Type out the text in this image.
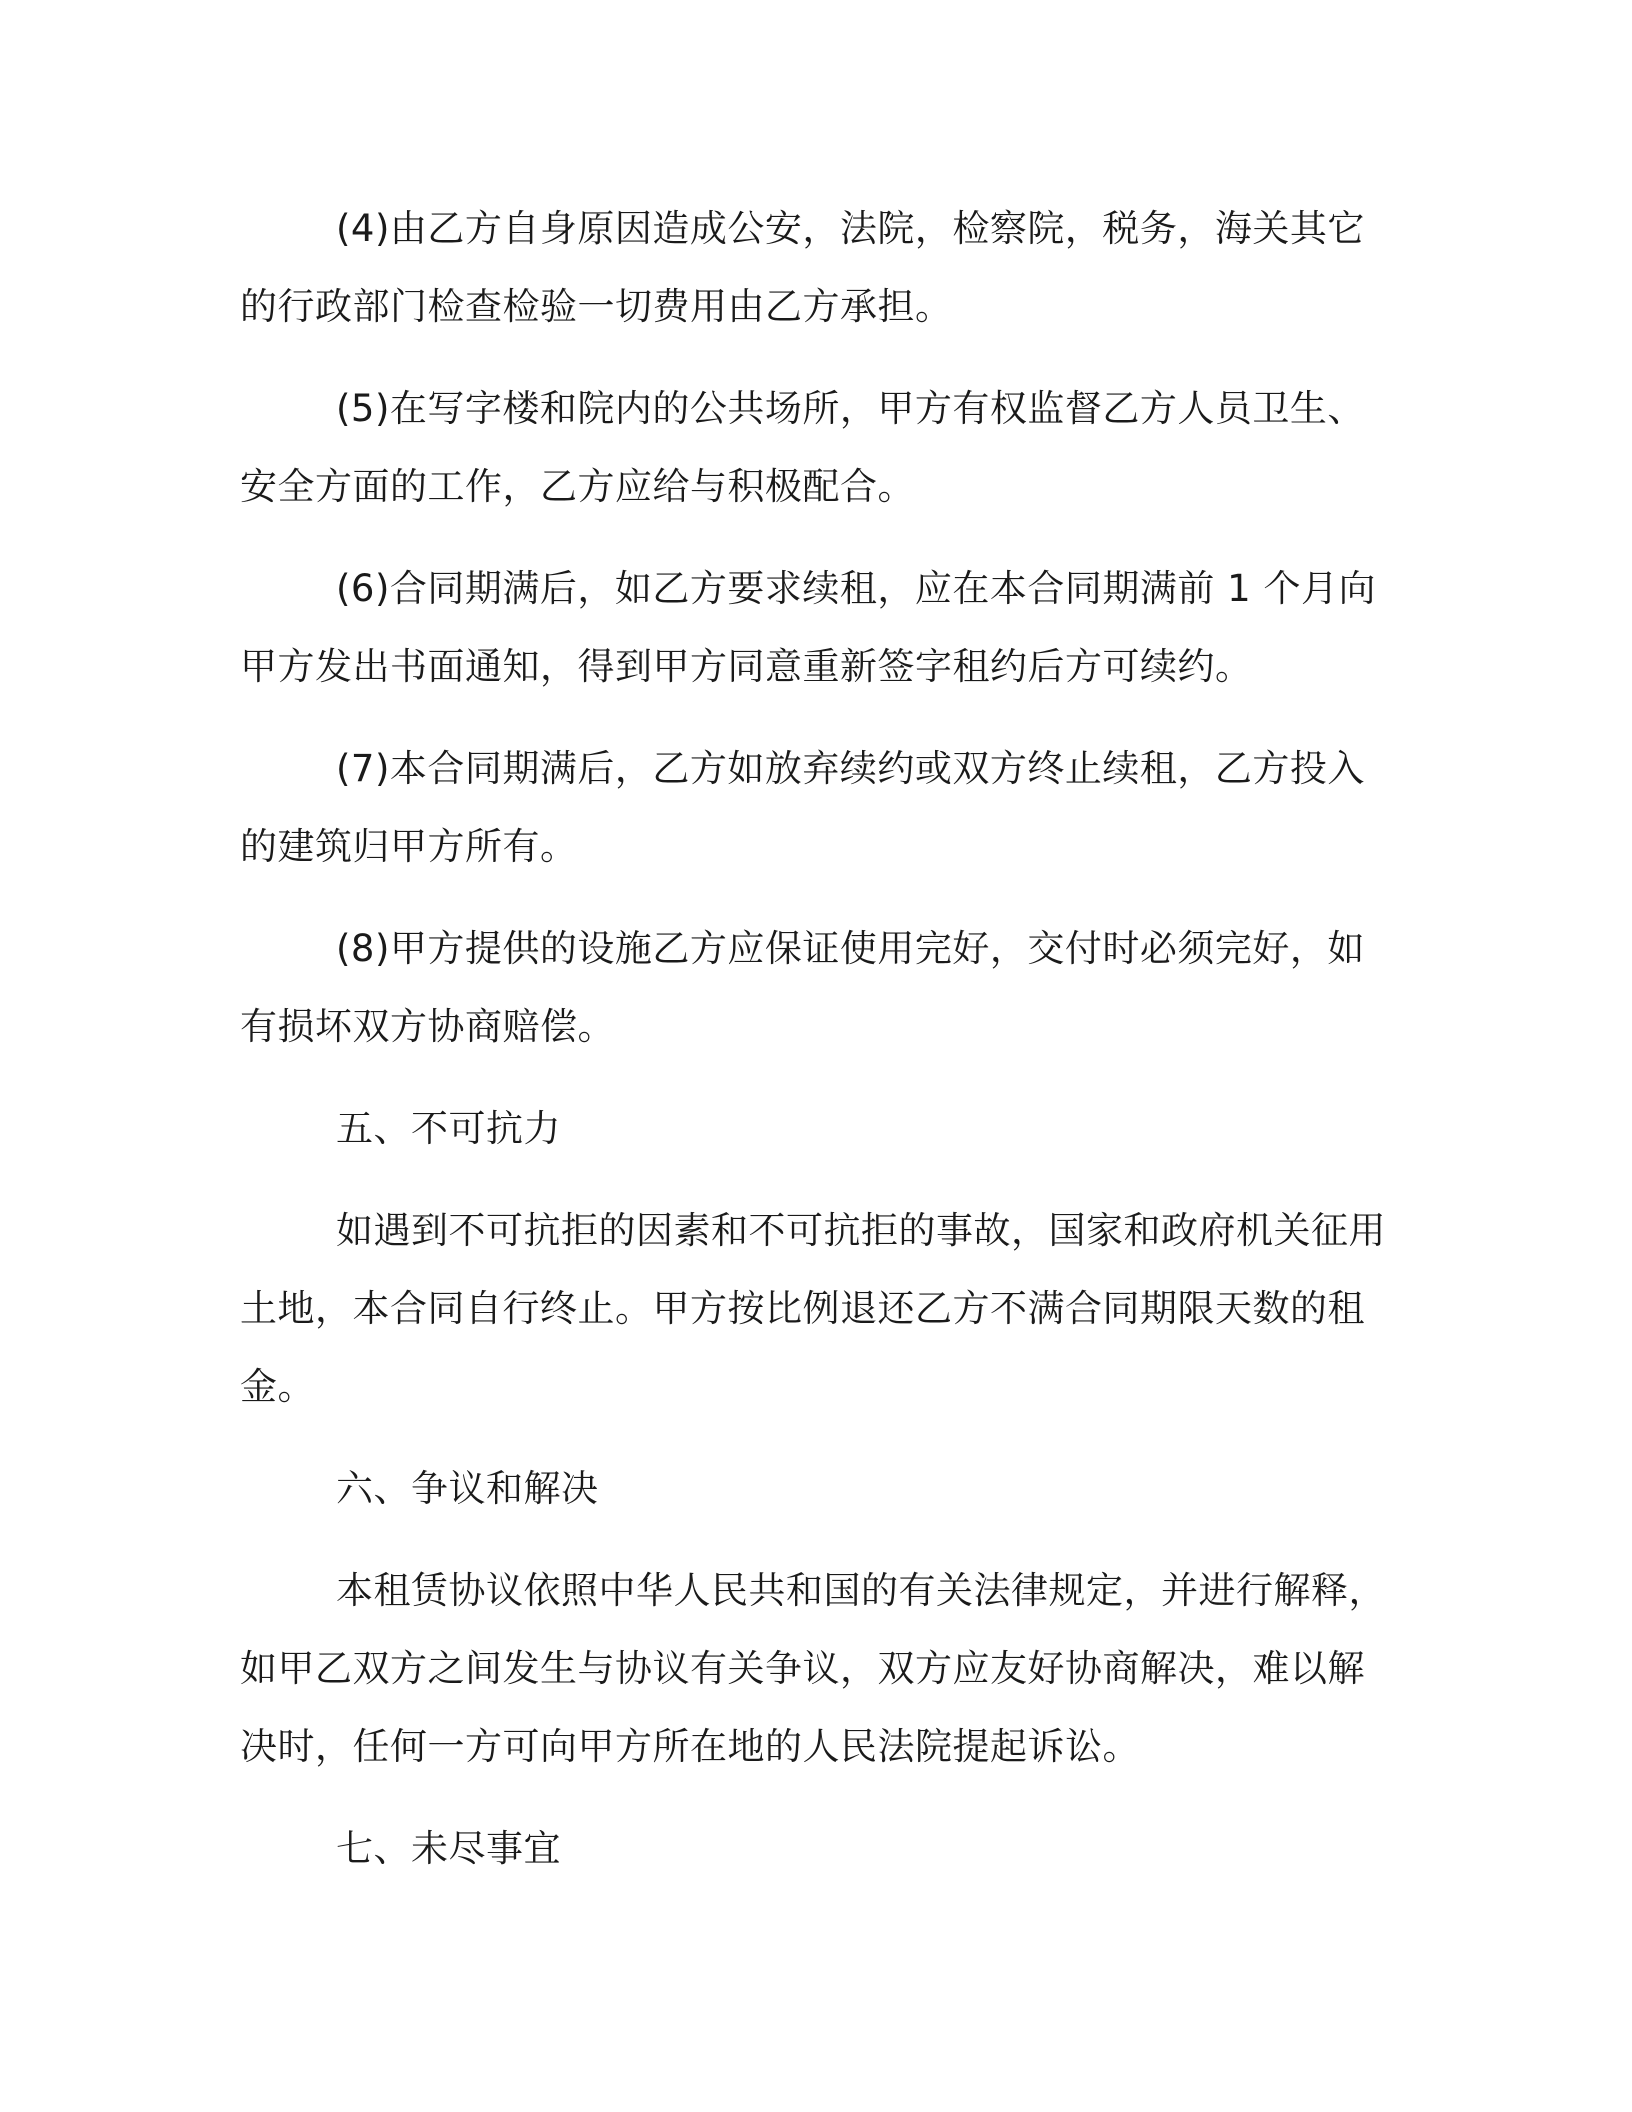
(4)由乙方自身原因造成公安，法院，检察院，税务，海关其它的行政部门检查检验一切费用由乙方承担。

(5)在写字楼和院内的公共场所，甲方有权监督乙方人员卫生、安全方面的工作，乙方应给与积极配合。

(6)合同期满后，如乙方要求续租，应在本合同期满前 1 个月向甲方发出书面通知，得到甲方同意重新签字租约后方可续约。

(7)本合同期满后，乙方如放弃续约或双方终止续租，乙方投入的建筑归甲方所有。

(8)甲方提供的设施乙方应保证使用完好，交付时必须完好，如有损坏双方协商赔偿。

五、不可抗力

如遇到不可抗拒的因素和不可抗拒的事故，国家和政府机关征用土地，本合同自行终止。甲方按比例退还乙方不满合同期限天数的租金。

六、争议和解决

本租赁协议依照中华人民共和国的有关法律规定，并进行解释，如甲乙双方之间发生与协议有关争议，双方应友好协商解决，难以解决时，任何一方可向甲方所在地的人民法院提起诉讼。

七、未尽事宜
